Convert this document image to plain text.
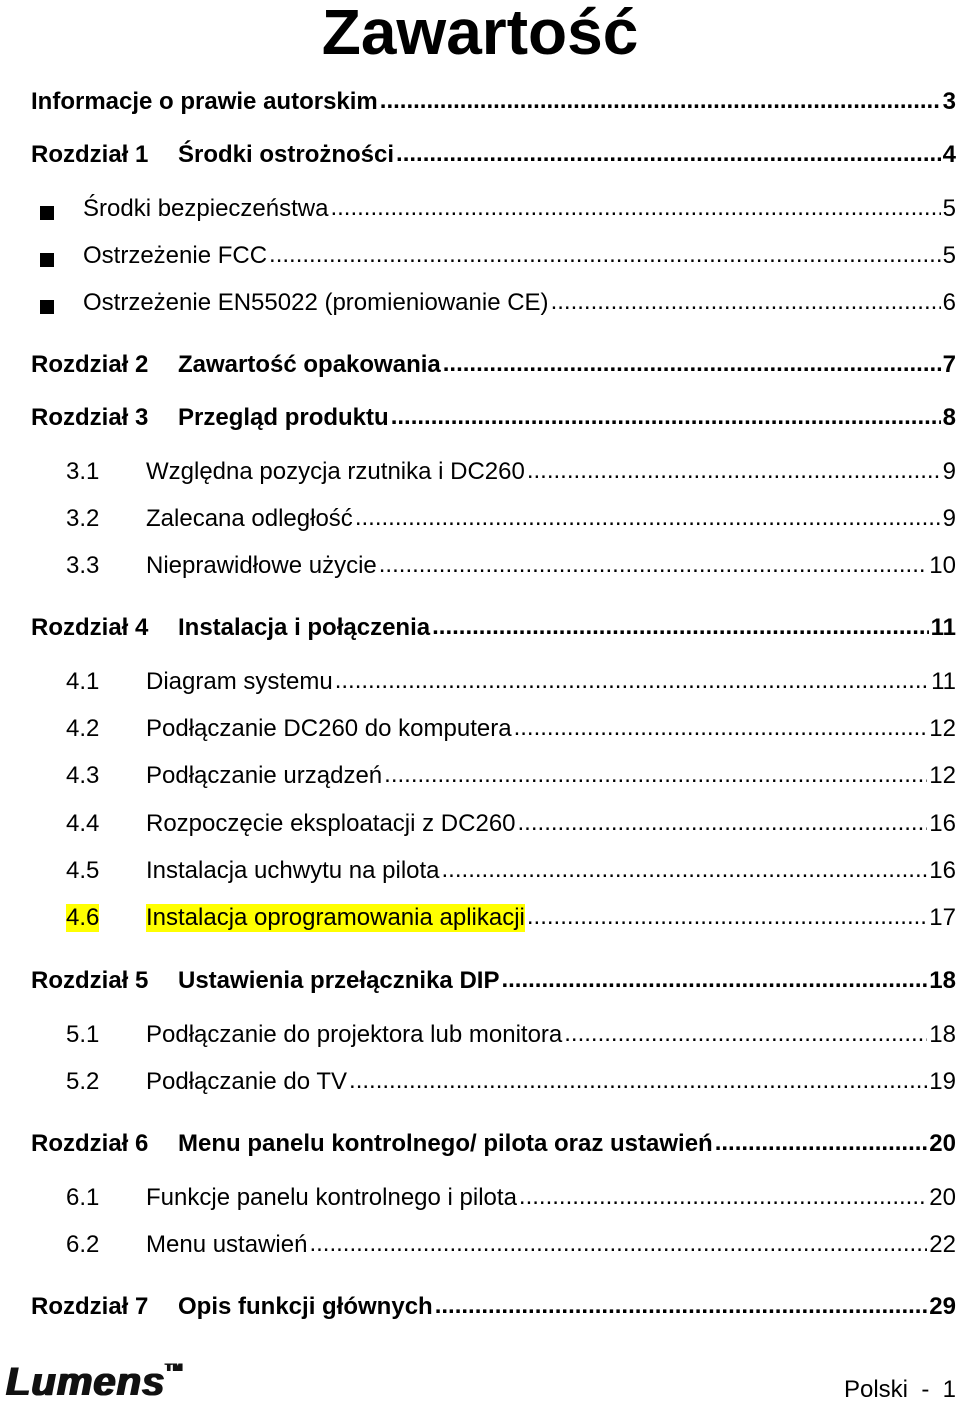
Zawartość
Informacje o prawie autorskim .....	3
Rozdział 1 Środki ostrożności .....	4
Środki bezpieczeństwa .....	5
Ostrzeżenie FCC .....	5
Ostrzeżenie EN55022 (promieniowanie CE) .....	6
Rozdział 2 Zawartość opakowania .....	7
Rozdział 3 Przegląd produktu .....	8
3.1 Względna pozycja rzutnika i DC260 .....	9
3.2 Zalecana odległość .....	9
3.3 Nieprawidłowe użycie .....	10
Rozdział 4 Instalacja i połączenia .....	11
4.1 Diagram systemu .....	11
4.2 Podłączanie DC260 do komputera .....	12
4.3 Podłączanie urządzeń .....	12
4.4 Rozpoczęcie eksploatacji z DC260 .....	16
4.5 Instalacja uchwytu na pilota .....	16
4.6 Instalacja oprogramowania aplikacji .....	17
Rozdział 5 Ustawienia przełącznika DIP .....	18
5.1 Podłączanie do projektora lub monitora .....	18
5.2 Podłączanie do TV .....	19
Rozdział 6 Menu panelu kontrolnego/ pilota oraz ustawień .....	20
6.1 Funkcje panelu kontrolnego i pilota .....	20
6.2 Menu ustawień .....	22
Rozdział 7 Opis funkcji głównych .....	29
Lumens™
Polski  -  1
